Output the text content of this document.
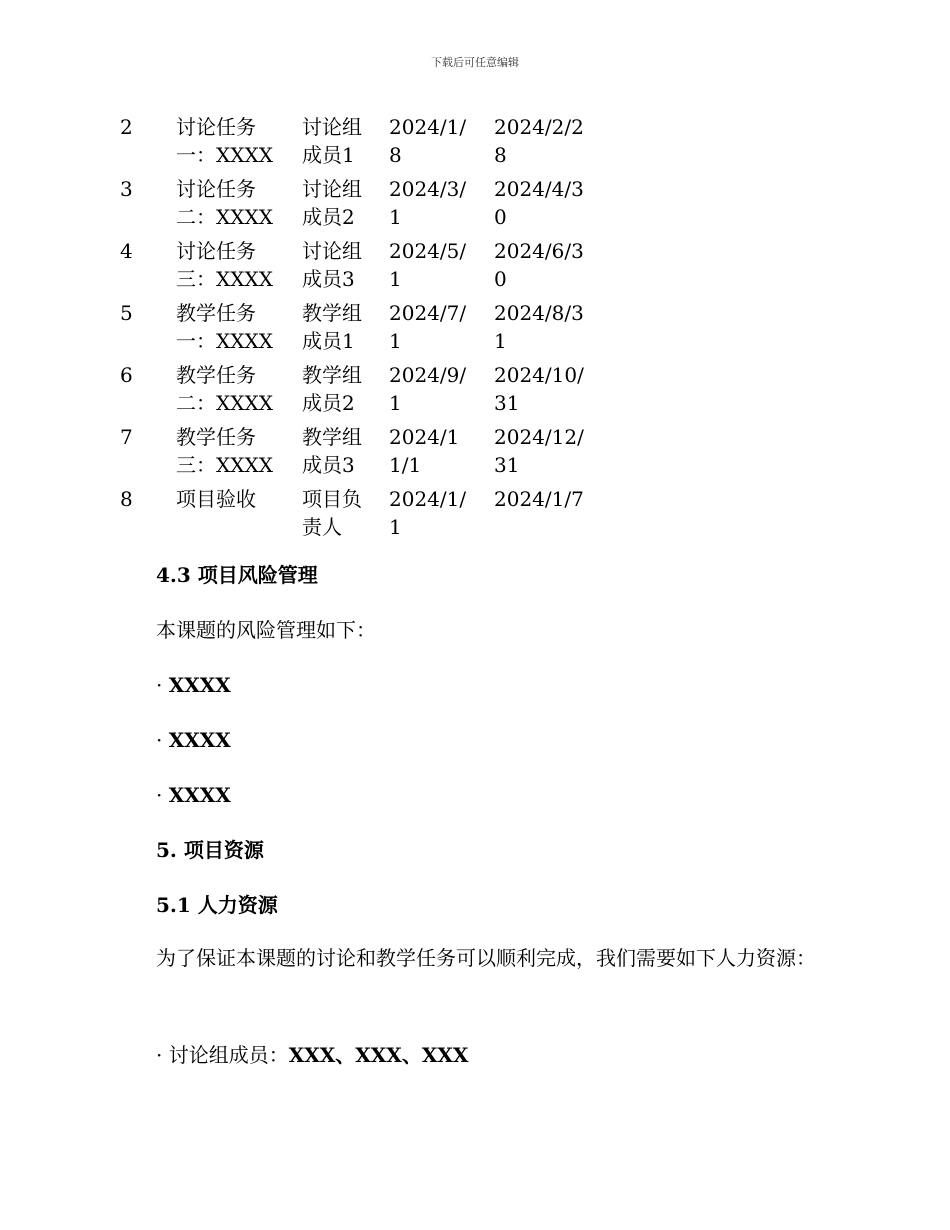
下载后可任意编辑
2	讨论任务一：XXXX	讨论组成员1	2024/1/8	2024/2/28

3	讨论任务二：XXXX	讨论组成员2	2024/3/1	2024/4/30

4	讨论任务三：XXXX	讨论组成员3	2024/5/1	2024/6/30

5	教学任务一：XXXX	教学组成员1	2024/7/1	2024/8/31

6	教学任务二：XXXX	教学组成员2	2024/9/1	2024/10/31

7	教学任务三：XXXX	教学组成员3	2024/11/1	2024/12/31

8	项目验收	项目负责人	2024/1/1	2024/1/7
4.3 项目风险管理
本课题的风险管理如下：
· XXXX
· XXXX
· XXXX
5. 项目资源
5.1 人力资源
为了保证本课题的讨论和教学任务可以顺利完成，我们需要如下人力资源：
· 讨论组成员：XXX、XXX、XXX
